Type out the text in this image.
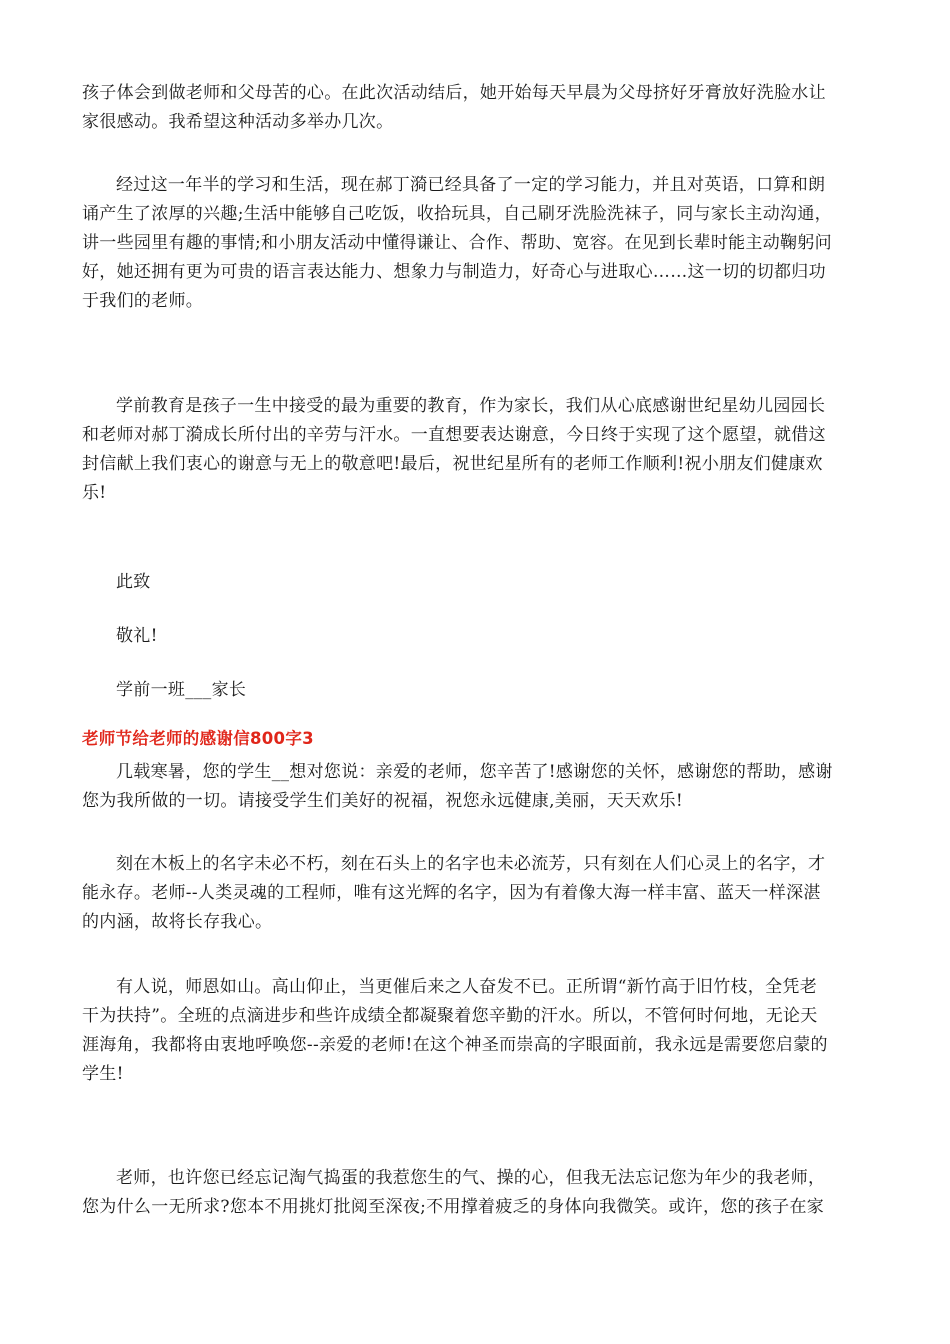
孩子体会到做老师和父母苦的心。在此次活动结后，她开始每天早晨为父母挤好牙膏放好洗脸水让
家很感动。我希望这种活动多举办几次。
经过这一年半的学习和生活，现在郝丁漪已经具备了一定的学习能力，并且对英语，口算和朗
诵产生了浓厚的兴趣;生活中能够自己吃饭，收拾玩具，自己刷牙洗脸洗袜子，同与家长主动沟通，
讲一些园里有趣的事情;和小朋友活动中懂得谦让、合作、帮助、宽容。在见到长辈时能主动鞠躬问
好，她还拥有更为可贵的语言表达能力、想象力与制造力，好奇心与进取心……这一切的切都归功
于我们的老师。
学前教育是孩子一生中接受的最为重要的教育，作为家长，我们从心底感谢世纪星幼儿园园长
和老师对郝丁漪成长所付出的辛劳与汗水。一直想要表达谢意，今日终于实现了这个愿望，就借这
封信献上我们衷心的谢意与无上的敬意吧!最后，祝世纪星所有的老师工作顺利!祝小朋友们健康欢
乐!
此致
敬礼!
学前一班___家长
老师节给老师的感谢信800字3
几载寒暑，您的学生__想对您说：亲爱的老师，您辛苦了!感谢您的关怀，感谢您的帮助，感谢
您为我所做的一切。请接受学生们美好的祝福，祝您永远健康,美丽，天天欢乐!
刻在木板上的名字未必不朽，刻在石头上的名字也未必流芳，只有刻在人们心灵上的名字，才
能永存。老师--人类灵魂的工程师，唯有这光辉的名字，因为有着像大海一样丰富、蓝天一样深湛
的内涵，故将长存我心。
有人说，师恩如山。高山仰止，当更催后来之人奋发不已。正所谓“新竹高于旧竹枝，全凭老
干为扶持”。全班的点滴进步和些许成绩全都凝聚着您辛勤的汗水。所以，不管何时何地，无论天
涯海角，我都将由衷地呼唤您--亲爱的老师!在这个神圣而崇高的字眼面前，我永远是需要您启蒙的
学生!
老师，也许您已经忘记淘气捣蛋的我惹您生的气、操的心，但我无法忘记您为年少的我老师，
您为什么一无所求?您本不用挑灯批阅至深夜;不用撑着疲乏的身体向我微笑。或许，您的孩子在家
